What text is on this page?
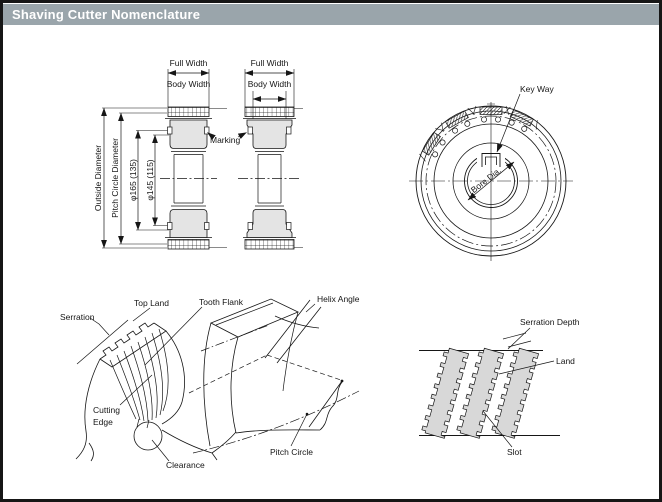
Shaving Cutter Nomenclature
Outside Diameter Pitch Circle Diameter φ165 (135) φ145 (115)
Full Width
Body Width
Full Width
Body Width
Marking
Bore Dia.
Key Way
Serration
Top Land	Tooth Flank	Helix Angle
Cutting
Edge
Clearance
Pitch Circle
Serration Depth
Land
Slot
